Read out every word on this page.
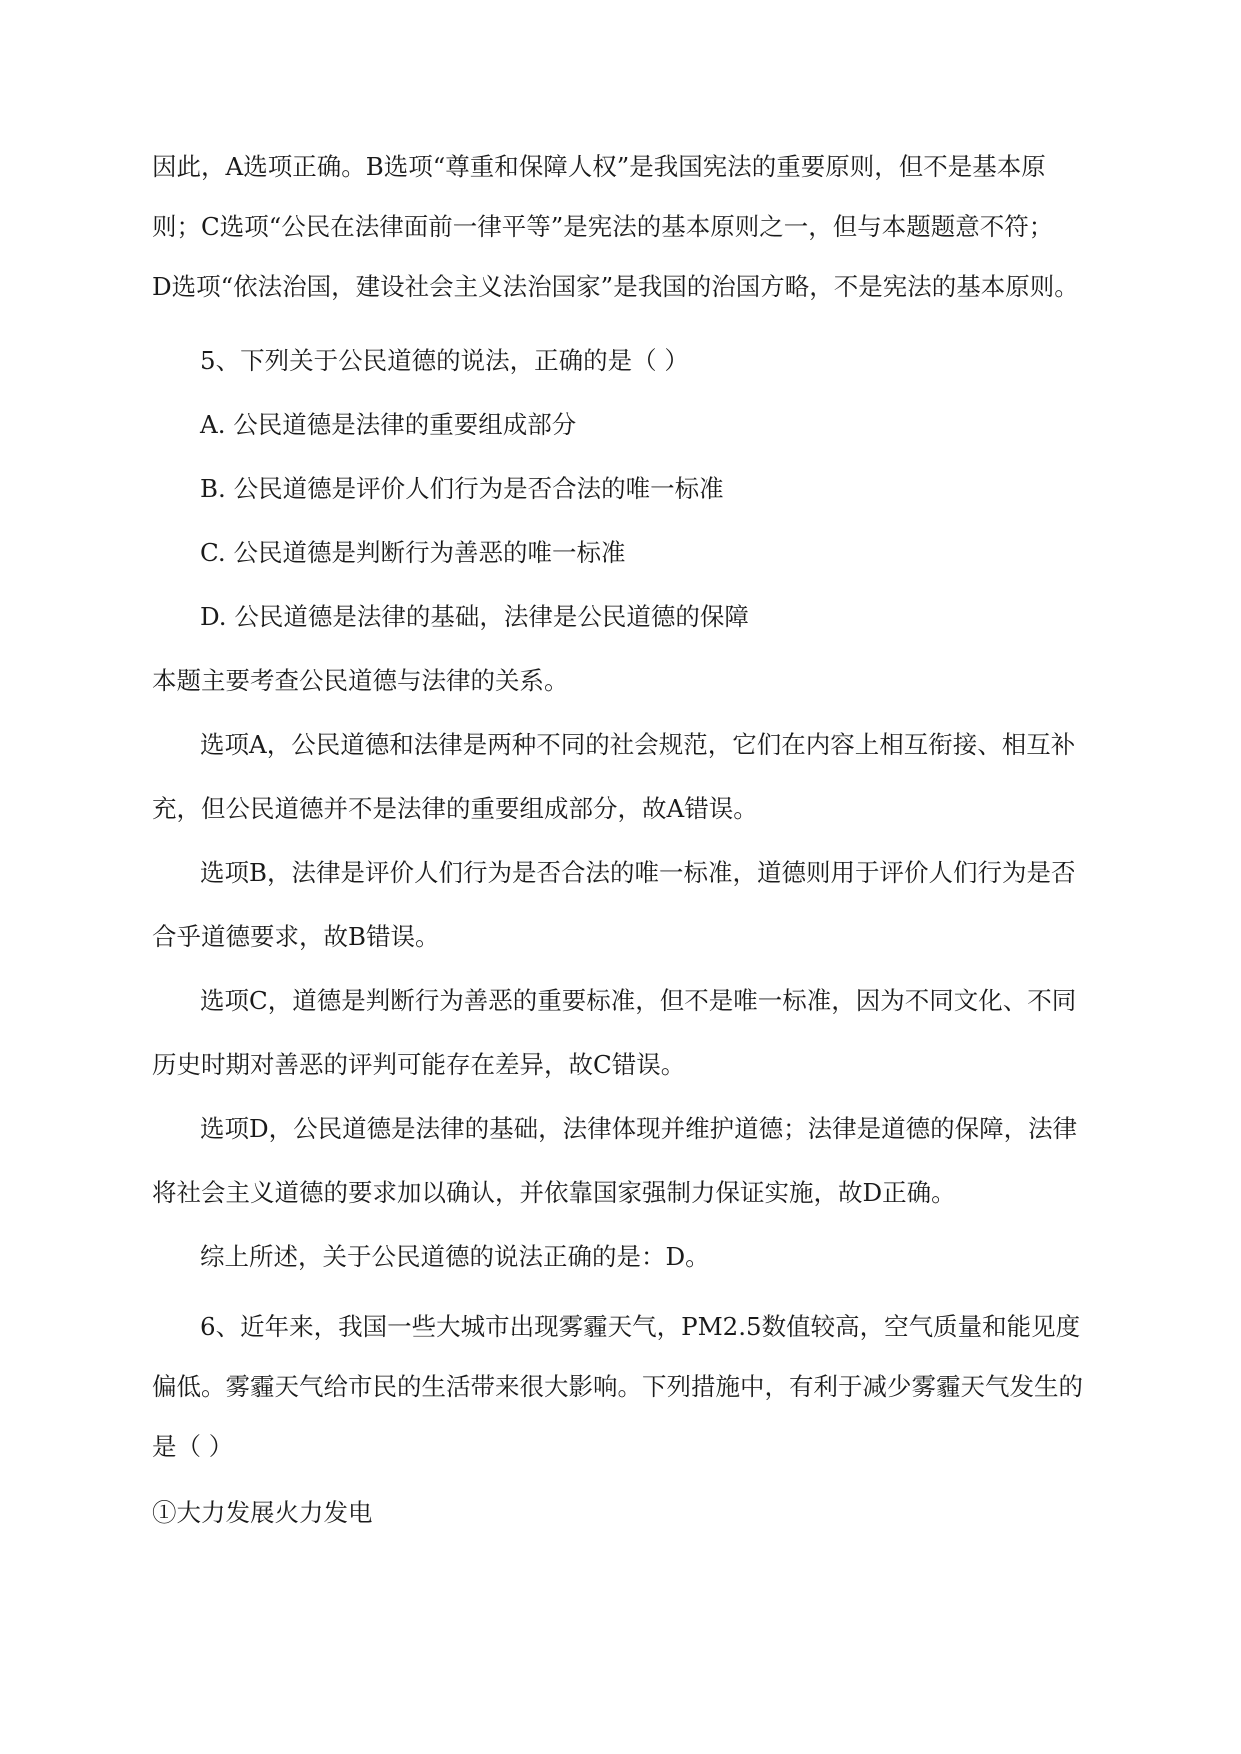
因此，A选项正确。B选项“尊重和保障人权”是我国宪法的重要原则，但不是基本原

则；C选项“公民在法律面前一律平等”是宪法的基本原则之一，但与本题题意不符；

D选项“依法治国，建设社会主义法治国家”是我国的治国方略，不是宪法的基本原则。

5、下列关于公民道德的说法，正确的是（ ）

A. 公民道德是法律的重要组成部分

B. 公民道德是评价人们行为是否合法的唯一标准

C. 公民道德是判断行为善恶的唯一标准

D. 公民道德是法律的基础，法律是公民道德的保障

本题主要考查公民道德与法律的关系。

选项A，公民道德和法律是两种不同的社会规范，它们在内容上相互衔接、相互补

充，但公民道德并不是法律的重要组成部分，故A错误。

选项B，法律是评价人们行为是否合法的唯一标准，道德则用于评价人们行为是否

合乎道德要求，故B错误。

选项C，道德是判断行为善恶的重要标准，但不是唯一标准，因为不同文化、不同

历史时期对善恶的评判可能存在差异，故C错误。

选项D，公民道德是法律的基础，法律体现并维护道德；法律是道德的保障，法律

将社会主义道德的要求加以确认，并依靠国家强制力保证实施，故D正确。

综上所述，关于公民道德的说法正确的是：D。

6、近年来，我国一些大城市出现雾霾天气，PM2.5数值较高，空气质量和能见度

偏低。雾霾天气给市民的生活带来很大影响。下列措施中，有利于减少雾霾天气发生的

是（ ）

①大力发展火力发电
